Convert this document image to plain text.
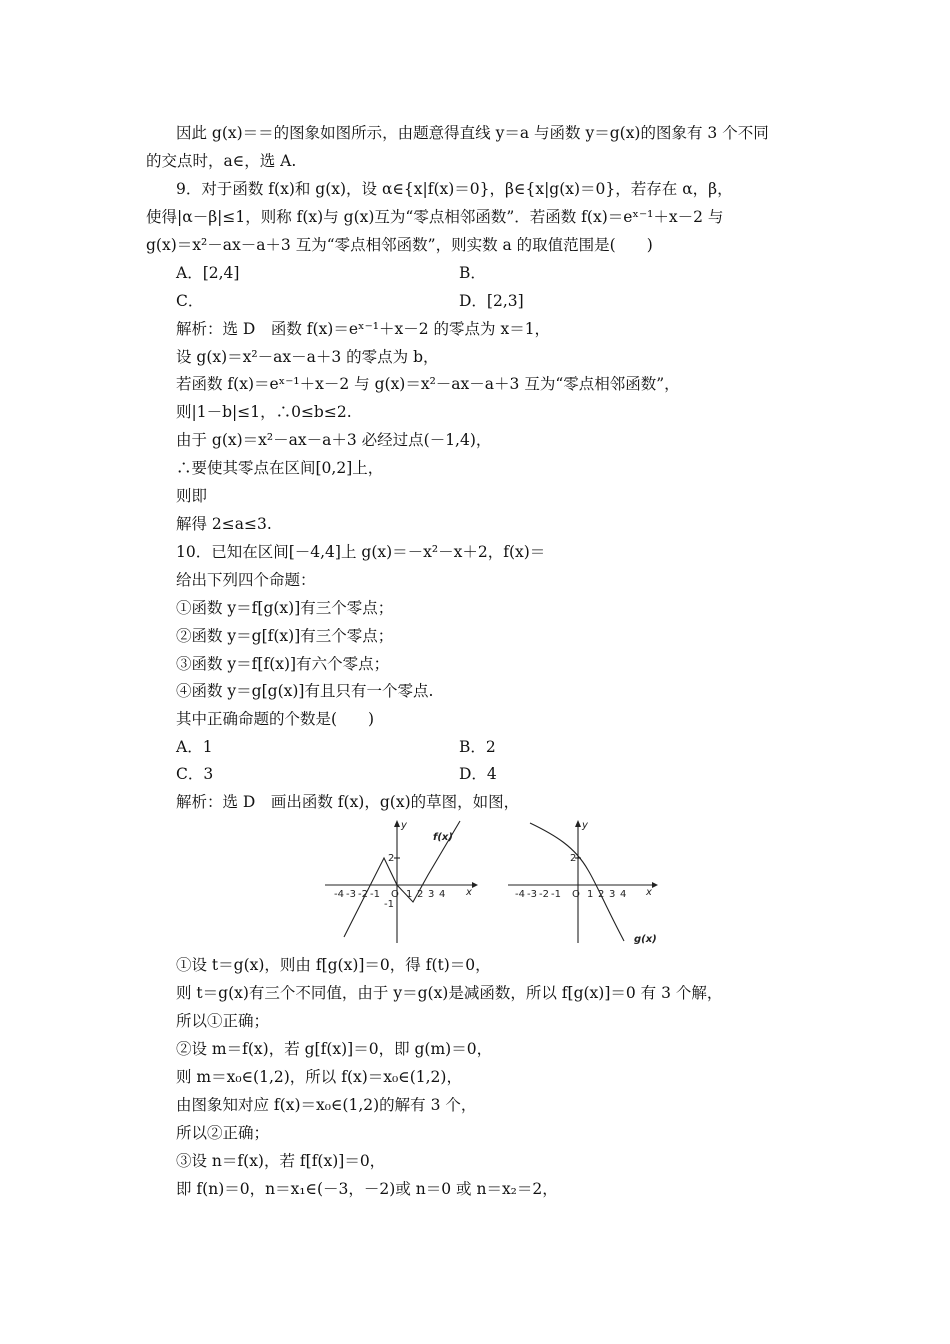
因此 g(x)＝＝的图象如图所示，由题意得直线 y＝a 与函数 y＝g(x)的图象有 3 个不同
的交点时，a∈，选 A.
9．对于函数 f(x)和 g(x)，设 α∈{x|f(x)＝0}，β∈{x|g(x)＝0}，若存在 α，β，
使得|α－β|≤1，则称 f(x)与 g(x)互为“零点相邻函数”．若函数 f(x)＝eˣ⁻¹＋x－2 与
g(x)＝x²－ax－a＋3 互为“零点相邻函数”，则实数 a 的取值范围是(　　)
A．[2,4]	B．
C．	D．[2,3]
解析：选 D　函数 f(x)＝eˣ⁻¹＋x－2 的零点为 x＝1，
设 g(x)＝x²－ax－a＋3 的零点为 b，
若函数 f(x)＝eˣ⁻¹＋x－2 与 g(x)＝x²－ax－a＋3 互为“零点相邻函数”，
则|1－b|≤1，∴0≤b≤2.
由于 g(x)＝x²－ax－a＋3 必经过点(－1,4)，
∴要使其零点在区间[0,2]上，
则即
解得 2≤a≤3.
10．已知在区间[－4,4]上 g(x)＝－x²－x＋2，f(x)＝
给出下列四个命题：
①函数 y＝f[g(x)]有三个零点；
②函数 y＝g[f(x)]有三个零点；
③函数 y＝f[f(x)]有六个零点；
④函数 y＝g[g(x)]有且只有一个零点.
其中正确命题的个数是(　　)
A．1	B．2
C．3	D．4
解析：选 D　画出函数 f(x)，g(x)的草图，如图，
-4 -3 -2 -1 O 1 2 3 4
2
-1
x
y
f(x)
-4 -3 -2 -1 O 1 2 3 4
2
x
y
g(x)
①设 t＝g(x)，则由 f[g(x)]＝0，得 f(t)＝0，
则 t＝g(x)有三个不同值，由于 y＝g(x)是减函数，所以 f[g(x)]＝0 有 3 个解，
所以①正确；
②设 m＝f(x)，若 g[f(x)]＝0，即 g(m)＝0，
则 m＝x₀∈(1,2)，所以 f(x)＝x₀∈(1,2)，
由图象知对应 f(x)＝x₀∈(1,2)的解有 3 个，
所以②正确；
③设 n＝f(x)，若 f[f(x)]＝0，
即 f(n)＝0，n＝x₁∈(－3，－2)或 n＝0 或 n＝x₂＝2，
